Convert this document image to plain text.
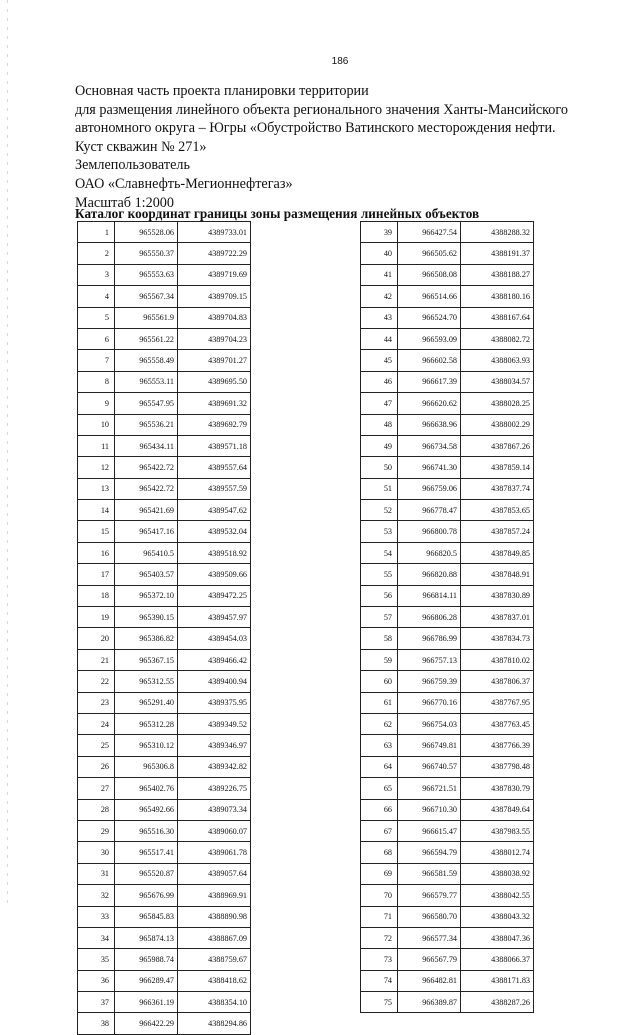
186
Основная часть проекта планировки территории
для размещения линейного объекта регионального значения Ханты-Мансийского
автономного округа – Югры «Обустройство Ватинского месторождения нефти.
Куст скважин № 271»
Землепользователь
ОАО «Славнефть-Мегионнефтегаз»
Масштаб 1:2000
Каталог координат границы зоны размещения линейных объектов
1	965528.06	4389733.01
2	965550.37	4389722.29
3	965553.63	4389719.69
4	965567.34	4389709.15
5	965561.9	4389704.83
6	965561.22	4389704.23
7	965558.49	4389701.27
8	965553.11	4389695.50
9	965547.95	4389691.32
10	965536.21	4389692.79
11	965434.11	4389571.18
12	965422.72	4389557.64
13	965422.72	4389557.59
14	965421.69	4389547.62
15	965417.16	4389532.04
16	965410.5	4389518.92
17	965403.57	4389509.66
18	965372.10	4389472.25
19	965390.15	4389457.97
20	965386.82	4389454.03
21	965367.15	4389466.42
22	965312.55	4389400.94
23	965291.40	4389375.95
24	965312.28	4389349.52
25	965310.12	4389346.97
26	965306.8	4389342.82
27	965402.76	4389226.75
28	965492.66	4389073.34
29	965516.30	4389060.07
30	965517.41	4389061.78
31	965520.87	4389057.64
32	965676.99	4388969.91
33	965845.83	4388890.98
34	965874.13	4388867.09
35	965988.74	4388759.67
36	966289.47	4388418.62
37	966361.19	4388354.10
38	966422.29	4388294.86
39	966427.54	4388288.32
40	966505.62	4388191.37
41	966508.08	4388188.27
42	966514.66	4388180.16
43	966524.70	4388167.64
44	966593.09	4388082.72
45	966602.58	4388063.93
46	966617.39	4388034.57
47	966620.62	4388028.25
48	966638.96	4388002.29
49	966734.58	4387867.26
50	966741.30	4387859.14
51	966759.06	4387837.74
52	966778.47	4387853.65
53	966800.78	4387857.24
54	966820.5	4387849.85
55	966820.88	4387848.91
56	966814.11	4387830.89
57	966806.28	4387837.01
58	966786.99	4387834.73
59	966757.13	4387810.02
60	966759.39	4387806.37
61	966770.16	4387767.95
62	966754.03	4387763.45
63	966749.81	4387766.39
64	966740.57	4387798.48
65	966721.51	4387830.79
66	966710.30	4387849.64
67	966615.47	4387983.55
68	966594.79	4388012.74
69	966581.59	4388038.92
70	966579.77	4388042.55
71	966580.70	4388043.32
72	966577.34	4388047.36
73	966567.79	4388066.37
74	966482.81	4388171.83
75	966389.87	4388287.26
